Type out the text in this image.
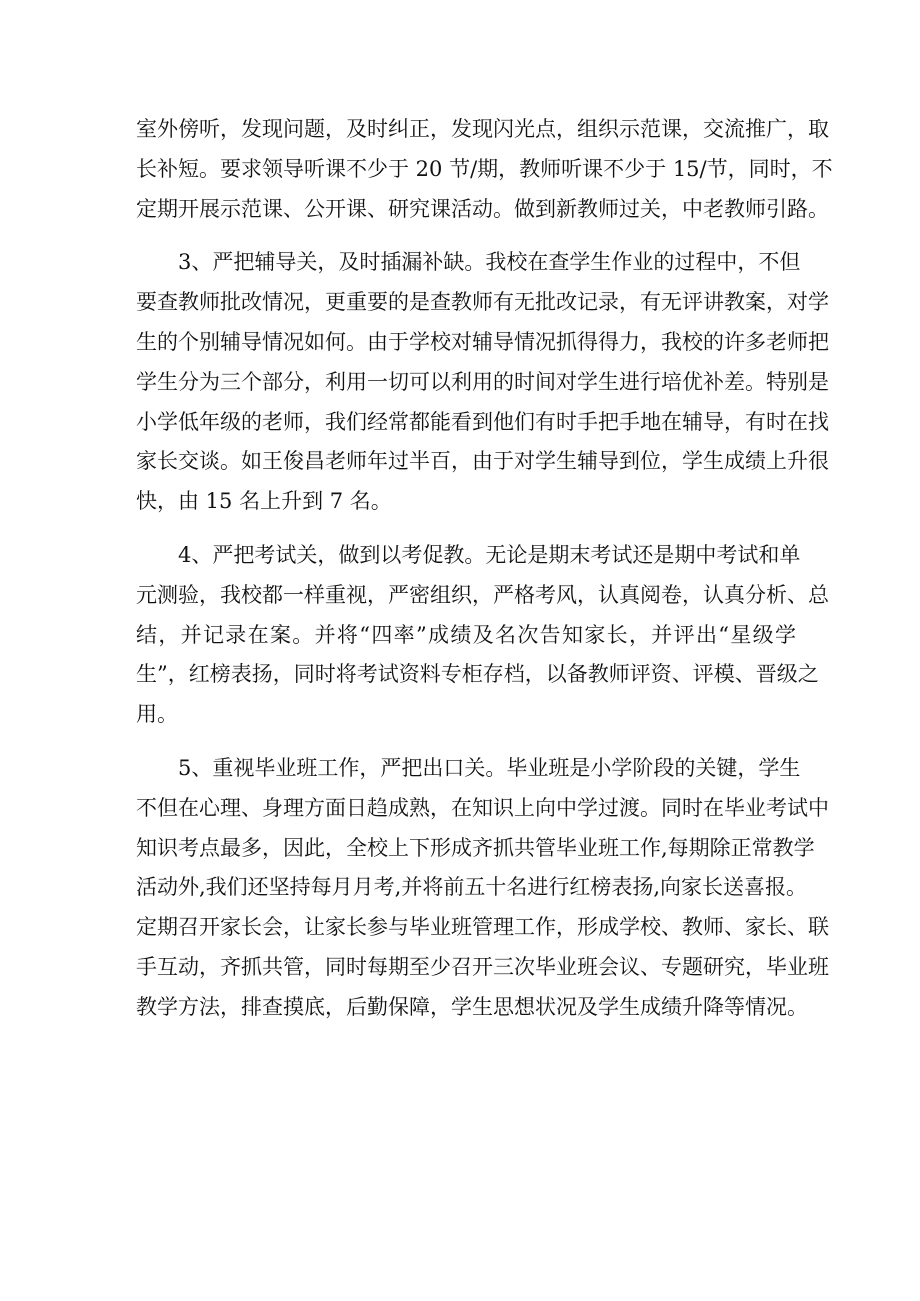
室外傍听，发现问题，及时纠正，发现闪光点，组织示范课，交流推广，取
长补短。要求领导听课不少于 20 节/期，教师听课不少于 15/节，同时，不
定期开展示范课、公开课、研究课活动。做到新教师过关，中老教师引路。
3、严把辅导关，及时插漏补缺。我校在查学生作业的过程中，不但
要查教师批改情况，更重要的是查教师有无批改记录，有无评讲教案，对学
生的个别辅导情况如何。由于学校对辅导情况抓得得力，我校的许多老师把
学生分为三个部分，利用一切可以利用的时间对学生进行培优补差。特别是
小学低年级的老师，我们经常都能看到他们有时手把手地在辅导，有时在找
家长交谈。如王俊昌老师年过半百，由于对学生辅导到位，学生成绩上升很
快，由 15 名上升到 7 名。
4、严把考试关，做到以考促教。无论是期末考试还是期中考试和单
元测验，我校都一样重视，严密组织，严格考风，认真阅卷，认真分析、总
结，并记录在案。并将“四率”成绩及名次告知家长，并评出“星级学
生”，红榜表扬，同时将考试资料专柜存档，以备教师评资、评模、晋级之
用。
5、重视毕业班工作，严把出口关。毕业班是小学阶段的关键，学生
不但在心理、身理方面日趋成熟，在知识上向中学过渡。同时在毕业考试中
知识考点最多，因此，全校上下形成齐抓共管毕业班工作,每期除正常教学
活动外,我们还坚持每月月考,并将前五十名进行红榜表扬,向家长送喜报。
定期召开家长会，让家长参与毕业班管理工作，形成学校、教师、家长、联
手互动，齐抓共管，同时每期至少召开三次毕业班会议、专题研究，毕业班
教学方法，排查摸底，后勤保障，学生思想状况及学生成绩升降等情况。
